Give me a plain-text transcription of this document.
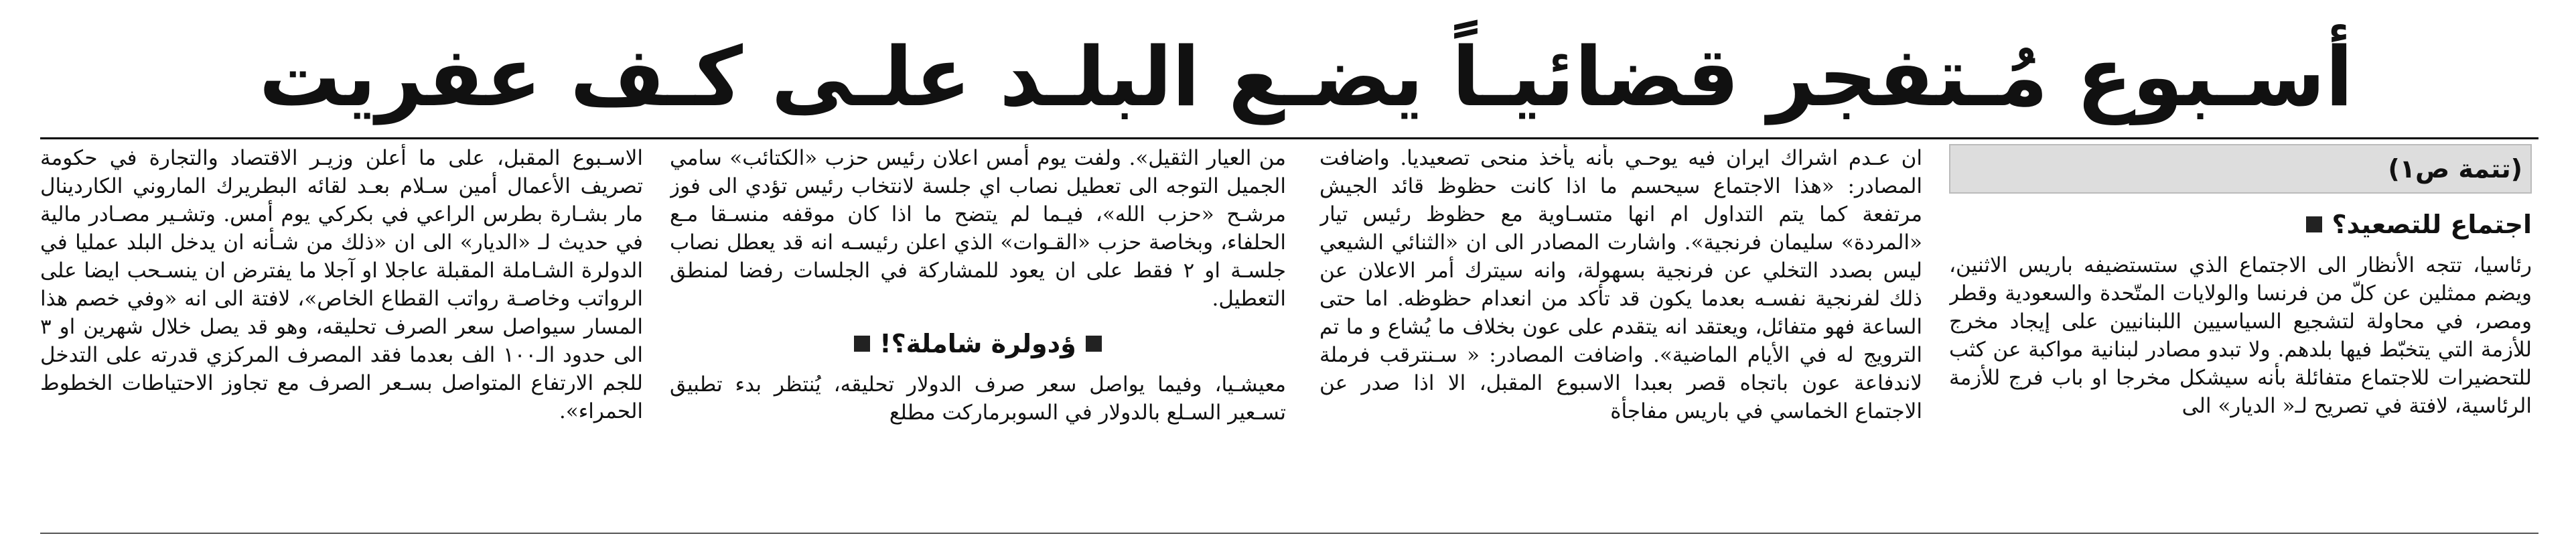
أسـبوع مُـتفجر قضائيـاً يضـع البلـد علـى كـف عفريت
(تتمة ص١)
اجتماع للتصعيد؟

رئاسيا، تتجه الأنظار الى الاجتماع الذي ستستضيفه باريس الاثنين، ويضم ممثلين عن كلّ من فرنسا والولايات المتّحدة والسعودية وقطر ومصر، في محاولة لتشجيع السياسيين اللبنانيين على إيجاد مخرج للأزمة التي يتخبّط فيها بلدهم. ولا تبدو مصادر لبنانية مواكبة عن كثب للتحضيرات للاجتماع متفائلة بأنه سيشكل مخرجا او باب فرج للأزمة الرئاسية، لافتة في تصريح لـ« الديار» الى

ان عـدم اشراك ايران فيه يوحـي بأنه يأخذ منحى تصعيديا. واضافت المصادر: «هذا الاجتماع سيحسم ما اذا كانت حظوظ قائد الجيش مرتفعة كما يتم التداول ام انها متسـاوية مع حظوظ رئيس تيار «المردة» سليمان فرنجية». واشارت المصادر الى ان «الثنائي الشيعي ليس بصدد التخلي عن فرنجية بسهولة، وانه سيترك أمر الاعلان عن ذلك لفرنجية نفسـه بعدما يكون قد تأكد من انعدام حظوظه. اما حتى الساعة فهو متفائل، ويعتقد انه يتقدم على عون بخلاف ما يُشاع و ما تم الترويج له في الأيام الماضية». واضافت المصادر: « سـنترقب فرملة لاندفاعة عون باتجاه قصر بعبدا الاسبوع المقبل، الا اذا صدر عن الاجتماع الخماسي في باريس مفاجأة

من العيار الثقيل». ولفت يوم أمس اعلان رئيس حزب «الكتائب» سامي الجميل التوجه الى تعطيل نصاب اي جلسة لانتخاب رئيس تؤدي الى فوز مرشـح «حزب الله»، فيـما لم يتضح ما اذا كان موقفه منسـقا مـع الحلفاء، وبخاصة حزب «القـوات» الذي اعلن رئيسـه انه قد يعطل نصاب جلسـة او ٢ فقط على ان يعود للمشاركة في الجلسات رفضا لمنطق التعطيل.

ؤدولرة شاملة؟!

معيشـيا، وفيما يواصل سعر صرف الدولار تحليقه، يُنتظر بدء تطبيق تسـعير السـلع بالدولار في السوبرماركت مطلع

الاسـبوع المقبل، على ما أعلن وزيـر الاقتصاد والتجارة في حكومة تصريف الأعمال أمين سـلام بعـد لقائه البطريرك الماروني الكاردينال مار بشـارة بطرس الراعي في بكركي يوم أمس. وتشـير مصـادر مالية في حديث لـ «الديار» الى ان «ذلك من شـأنه ان يدخل البلد عمليا في الدولرة الشـاملة المقبلة عاجلا او آجلا ما يفترض ان ينسـحب ايضا على الرواتب وخاصـة رواتب القطاع الخاص»، لافتة الى انه «وفي خصم هذا المسار سيواصل سعر الصرف تحليقه، وهو قد يصل خلال شهرين او ٣ الى حدود الـ١٠٠ الف بعدما فقد المصرف المركزي قدرته على التدخل للجم الارتفاع المتواصل بسـعر الصرف مع تجاوز الاحتياطات الخطوط الحمراء».
